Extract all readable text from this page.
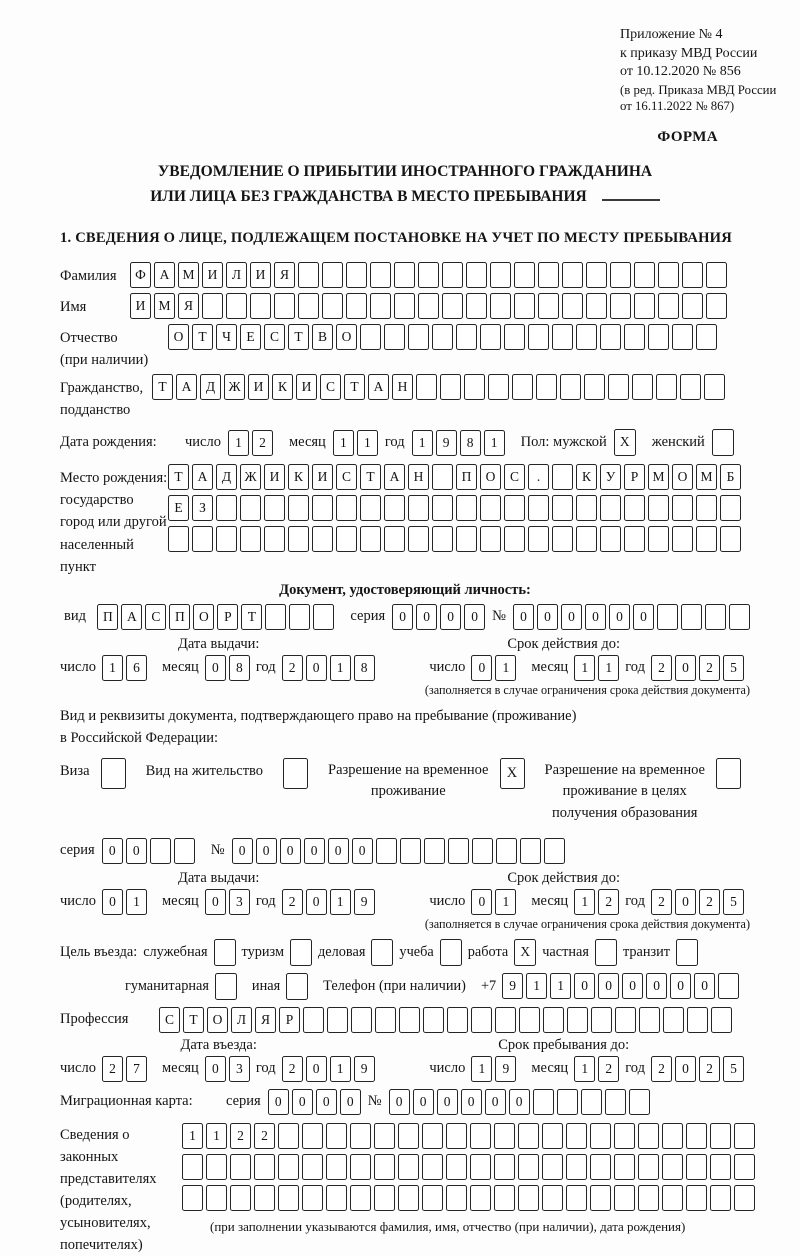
Приложение № 4
к приказу МВД России
от 10.12.2020 № 856
(в ред. Приказа МВД России
от 16.11.2022 № 867)
ФОРМА
УВЕДОМЛЕНИЕ О ПРИБЫТИИ ИНОСТРАННОГО ГРАЖДАНИНА
ИЛИ ЛИЦА БЕЗ ГРАЖДАНСТВА В МЕСТО ПРЕБЫВАНИЯ
1. СВЕДЕНИЯ О ЛИЦЕ, ПОДЛЕЖАЩЕМ ПОСТАНОВКЕ НА УЧЕТ ПО МЕСТУ ПРЕБЫВАНИЯ
Фамилия	Ф	А М И	Л	И	Я
Имя	И М Я
Отчество
(при наличии)
О	Т	Ч	Е	С	Т	В	О
Гражданство,
подданство
Т	А	Д Ж И	К	И	С	Т	А	Н
Дата рождения:	число	1	2	месяц	1	1 год	1	9	8	1	Пол: мужской X	женский
Место рождения:
государство
город или другой
населенный пункт
Т	А	Д Ж И	К	И	С	Т	А	Н	П	О	С	.	К	У	Р	М О М	Б
Е	З
Документ, удостоверяющий личность:
вид	П	А	С	П	О	Р	Т	серия	0	0	0	0 №	0	0	0	0	0	0
Дата выдачи:
число 1	6	месяц 0	8 год 2	0	1	8
Срок действия до:
число 0	1	месяц 1	1 год 2	0	2	5
(заполняется в случае ограничения срока действия документа)
Вид и реквизиты документа, подтверждающего право на пребывание (проживание)
в Российской Федерации:
Виза	Вид на жительство	Разрешение на временное
проживание
X	Разрешение на временное
проживание в целях
получения образования
серия	0	0	№	0	0	0	0	0	0
Дата выдачи:
число 0	1	месяц 0	3 год 2	0	1	9
Срок действия до:
число 0	1	месяц 1	2 год 2	0	2	5
(заполняется в случае ограничения срока действия документа)
Цель въезда: служебная туризм деловая учеба работа X частная транзит
гуманитарная	иная	Телефон (при наличии) +7 9	1	1	0	0	0	0	0	0
Профессия	С	Т	О	Л	Я	Р
Дата въезда:
число 2	7	месяц 0	3 год 2	0	1	9
Срок пребывания до:
число 1	9	месяц 1	2 год 2	0	2	5
Миграционная карта:	серия	0	0	0	0 №	0	0	0	0	0	0
Сведения о
законных
представителях
(родителях,
усыновителях,
попечителях)
1	1	2	2
(при заполнении указываются фамилия, имя, отчество (при наличии), дата рождения)
